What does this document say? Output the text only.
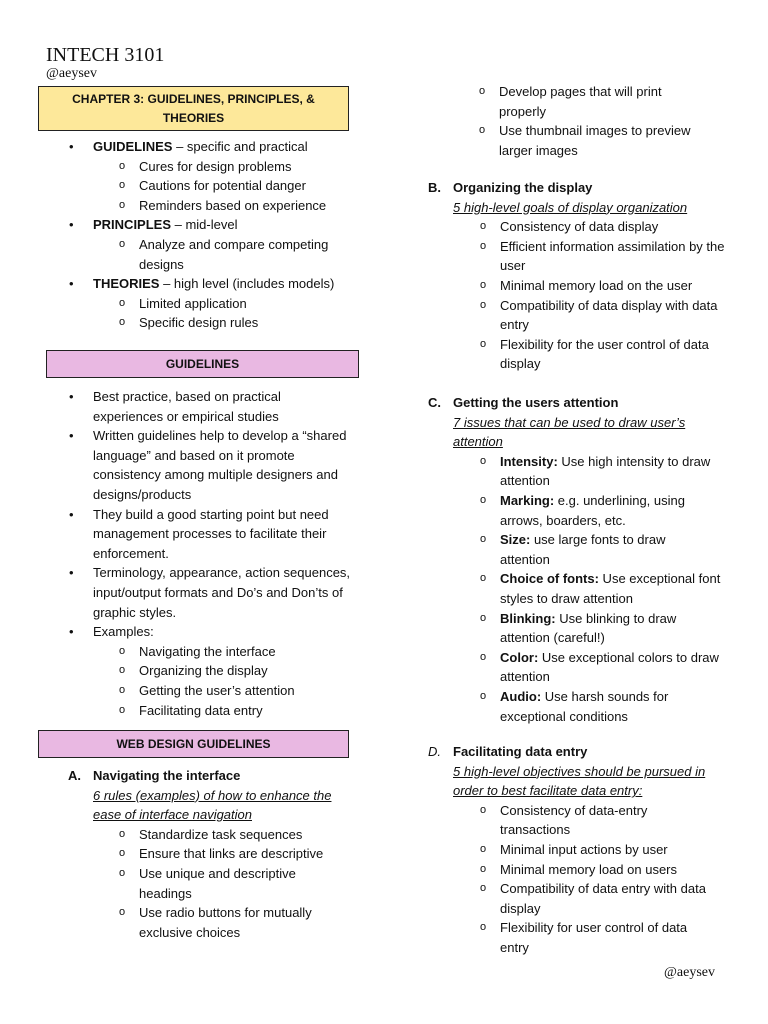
INTECH 3101
@aeysev
CHAPTER 3: GUIDELINES, PRINCIPLES, & THEORIES
• GUIDELINES – specific and practical
o Cures for design problems
o Cautions for potential danger
o Reminders based on experience
• PRINCIPLES – mid-level
o Analyze and compare competing designs
• THEORIES – high level (includes models)
o Limited application
o Specific design rules
GUIDELINES
• Best practice, based on practical experiences or empirical studies
• Written guidelines help to develop a “shared language” and based on it promote consistency among multiple designers and designs/products
• They build a good starting point but need management processes to facilitate their enforcement.
• Terminology, appearance, action sequences, input/output formats and Do’s and Don’ts of graphic styles.
• Examples:
o Navigating the interface
o Organizing the display
o Getting the user’s attention
o Facilitating data entry
WEB DESIGN GUIDELINES
A. Navigating the interface
6 rules (examples) of how to enhance the ease of interface navigation
o Standardize task sequences
o Ensure that links are descriptive
o Use unique and descriptive headings
o Use radio buttons for mutually exclusive choices
o Develop pages that will print properly
o Use thumbnail images to preview larger images
B. Organizing the display
5 high-level goals of display organization
o Consistency of data display
o Efficient information assimilation by the user
o Minimal memory load on the user
o Compatibility of data display with data entry
o Flexibility for the user control of data display
C. Getting the users attention
7 issues that can be used to draw user’s attention
o Intensity: Use high intensity to draw attention
o Marking: e.g. underlining, using arrows, boarders, etc.
o Size: use large fonts to draw attention
o Choice of fonts: Use exceptional font styles to draw attention
o Blinking: Use blinking to draw attention (careful!)
o Color: Use exceptional colors to draw attention
o Audio: Use harsh sounds for exceptional conditions
D. Facilitating data entry
5 high-level objectives should be pursued in order to best facilitate data entry:
o Consistency of data-entry transactions
o Minimal input actions by user
o Minimal memory load on users
o Compatibility of data entry with data display
o Flexibility for user control of data entry
@aeysev
